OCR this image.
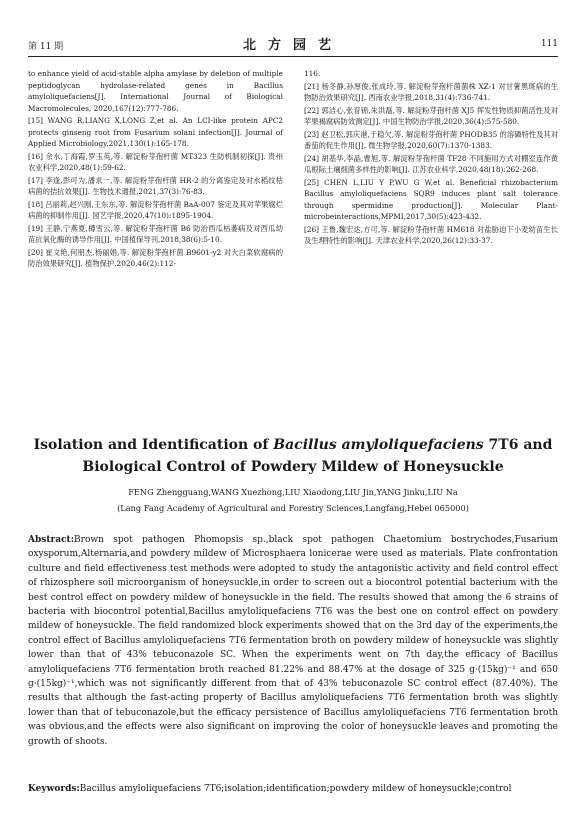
第 11 期	北方园艺	111

to enhance yield of acid-stable alpha amylase by deletion of multiple peptidoglycan hydrolase-related genes in Bacillus amyloliquefaciens[J]. International Journal of Biological Macromolecules, 2020,167(12):777-786.

[15] WANG R,LIANG X,LONG Z,et al. An LCI-like protein APC2 protects ginseng root from Fusarium solani infection[J]. Journal of Applied Microbiology,2021,130(1):165-178.

[16] 余水,丁海霞,罗玉英,等. 解淀粉芽孢杆菌 MT323 生防机制初探[J]. 贵州农业科学,2020,48(1):59-62.

[17] 李逢,彭可为,潘求一,等. 解淀粉芽孢杆菌 HR-2 的分离鉴定及对水稻纹枯病菌的拮抗效果[J]. 生物技术通报,2021,37(3):76-83.

[18] 吕丽莉,赵兴刚,王东东,等. 解淀粉芽孢杆菌 BaA-007 鉴定及其对苹果腐烂病菌的抑制作用[J]. 园艺学报,2020,47(10):1895-1904.

[19] 王静,宁燕夏,樽雪云,等. 解淀粉芽孢杆菌 B6 防治西瓜枯萎病及对西瓜幼苗抗氧化酶的诱导作用[J]. 中国植保导刊,2018,38(6):5-10.

[20] 崔文艳,何朋杰,杨丽娟,等. 解淀粉芽孢杆菌 B9601-y2 对大白菜软腐病的防治效果研究[J]. 植物保护,2020,46(2):112-

116.

[21] 杨冬静,孙厚俊,张成玲,等. 解淀粉芽孢杆菌菌株 XZ-1 对甘薯黑斑病的生物防治效果研究[J]. 西南农业学报,2018,31(4):736-741.

[22] 郭洁心,张育锦,朱洪磊,等. 解淀粉芽孢杆菌 XJ5 挥发性物质抑菌活性及对苹果褐腐病防效测定[J]. 中国生物防治学报,2020,36(4):575-580.

[23] 赵卫松,郭庆港,于稳欠,等. 解淀粉芽孢杆菌 PHODB35 的溶磷特性及其对番茄的促生作用[J]. 微生物学报,2020,60(7):1370-1383.

[24] 胡基华,李晶,曹旭,等. 解淀粉芽孢杆菌 TF28 不同施用方式对棚室连作黄瓜根际土壤细菌多样性的影响[J]. 江苏农业科学,2020,48(18):262-268.

[25] CHEN L,LIU Y P,WU G W,et al. Beneficial rhizobacterium Bacillus amyloliquefaciens SQR9 induces plant salt tolerance through spermidine production[J]. Molecular Plant-microbeinteractions,MPMI,2017,30(5):423-432.

[26] 王鲁,魏宏达,方可,等. 解淀粉芽孢杆菌 HM618 对盐胁迫下小麦幼苗生长及生理特性的影响[J]. 天津农业科学,2020,26(12):33-37.

Isolation and Identification of Bacillus amyloliquefaciens 7T6 and
Biological Control of Powdery Mildew of Honeysuckle
FENG Zhengguang,WANG Xuezhong,LIU Xiaodong,LIU Jin,YANG Jinku,LIU Na
(Lang Fang Academy of Agricultural and Forestry Sciences,Langfang,Hebei 065000)

Abstract:Brown spot pathogen Phomopsis sp.,black spot pathogen Chaetomium bostrychodes,Fusarium oxysporum,Alternaria,and powdery mildew of Microsphaera lonicerae were used as materials. Plate confrontation culture and field effectiveness test methods were adopted to study the antagonistic activity and field control effect of rhizosphere soil microorganism of honeysuckle,in order to screen out a biocontrol potential bacterium with the best control effect on powdery mildew of honeysuckle in the field. The results showed that among the 6 strains of bacteria with biocontrol potential,Bacillus amyloliquefaciens 7T6 was the best one on control effect on powdery mildew of honeysuckle. The field randomized block experiments showed that on the 3rd day of the experiments,the control effect of Bacillus amyloliquefaciens 7T6 fermentation broth on powdery mildew of honeysuckle was slightly lower than that of 43% tebuconazole SC. When the experiments went on 7th day,the efficacy of Bacillus amyloliquefaciens 7T6 fermentation broth reached 81.22% and 88.47% at the dosage of 325 g·(15kg)⁻¹ and 650 g·(15kg)⁻¹,which was not significantly different from that of 43% tebuconazole SC control effect (87.40%). The results that although the fast-acting property of Bacillus amyloliquefaciens 7T6 fermentation broth was slightly lower than that of tebuconazole,but the efficacy persistence of Bacillus amyloliquefaciens 7T6 fermentation broth was obvious,and the effects were also significant on improving the color of honeysuckle leaves and promoting the growth of shoots.

Keywords:Bacillus amyloliquefaciens 7T6;isolation;identification;powdery mildew of honeysuckle;control
